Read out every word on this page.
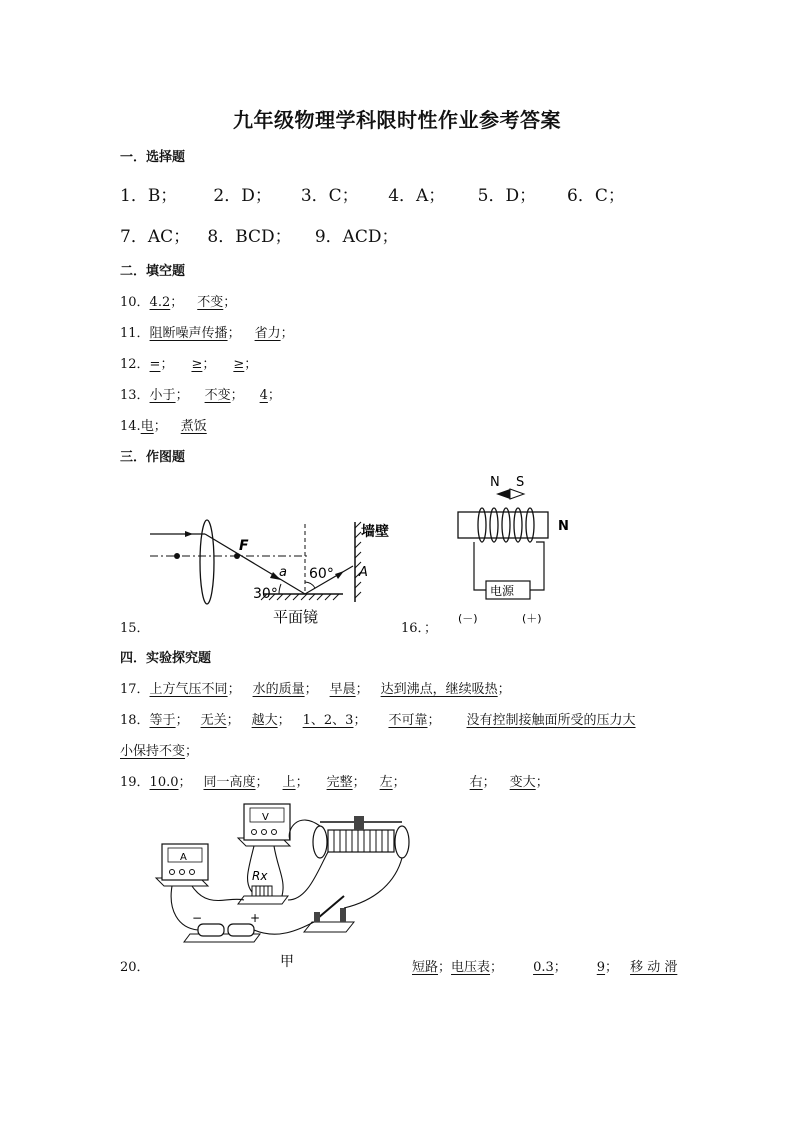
九年级物理学科限时性作业参考答案
一．选择题
1．B； 2．D； 3．C； 4．A； 5．D； 6．C；
7．AC； 8．BCD； 9．ACD；
二．填空题
10．4.2； 不变；
11．阻断噪声传播； 省力；
12．=； ≥； ≥；
13．小于； 不变； 4；
14.电； 煮饭
三．作图题
15．
F
a
30°
60° A
墙壁
平面镜
16．；
N S
N
电源
(－)	(＋)
四．实验探究题
17．上方气压不同； 水的质量； 早晨； 达到沸点，继续吸热；
18．等于； 无关； 越大； 1、2、3； 不可靠； 没有控制接触面所受的压力大
小保持不变；
19．10.0； 同一高度； 上； 完整； 左；	右； 变大；
A
V
Rx
−	+
甲
20．	短路；电压表； 0.3； 9； 移 动 滑
